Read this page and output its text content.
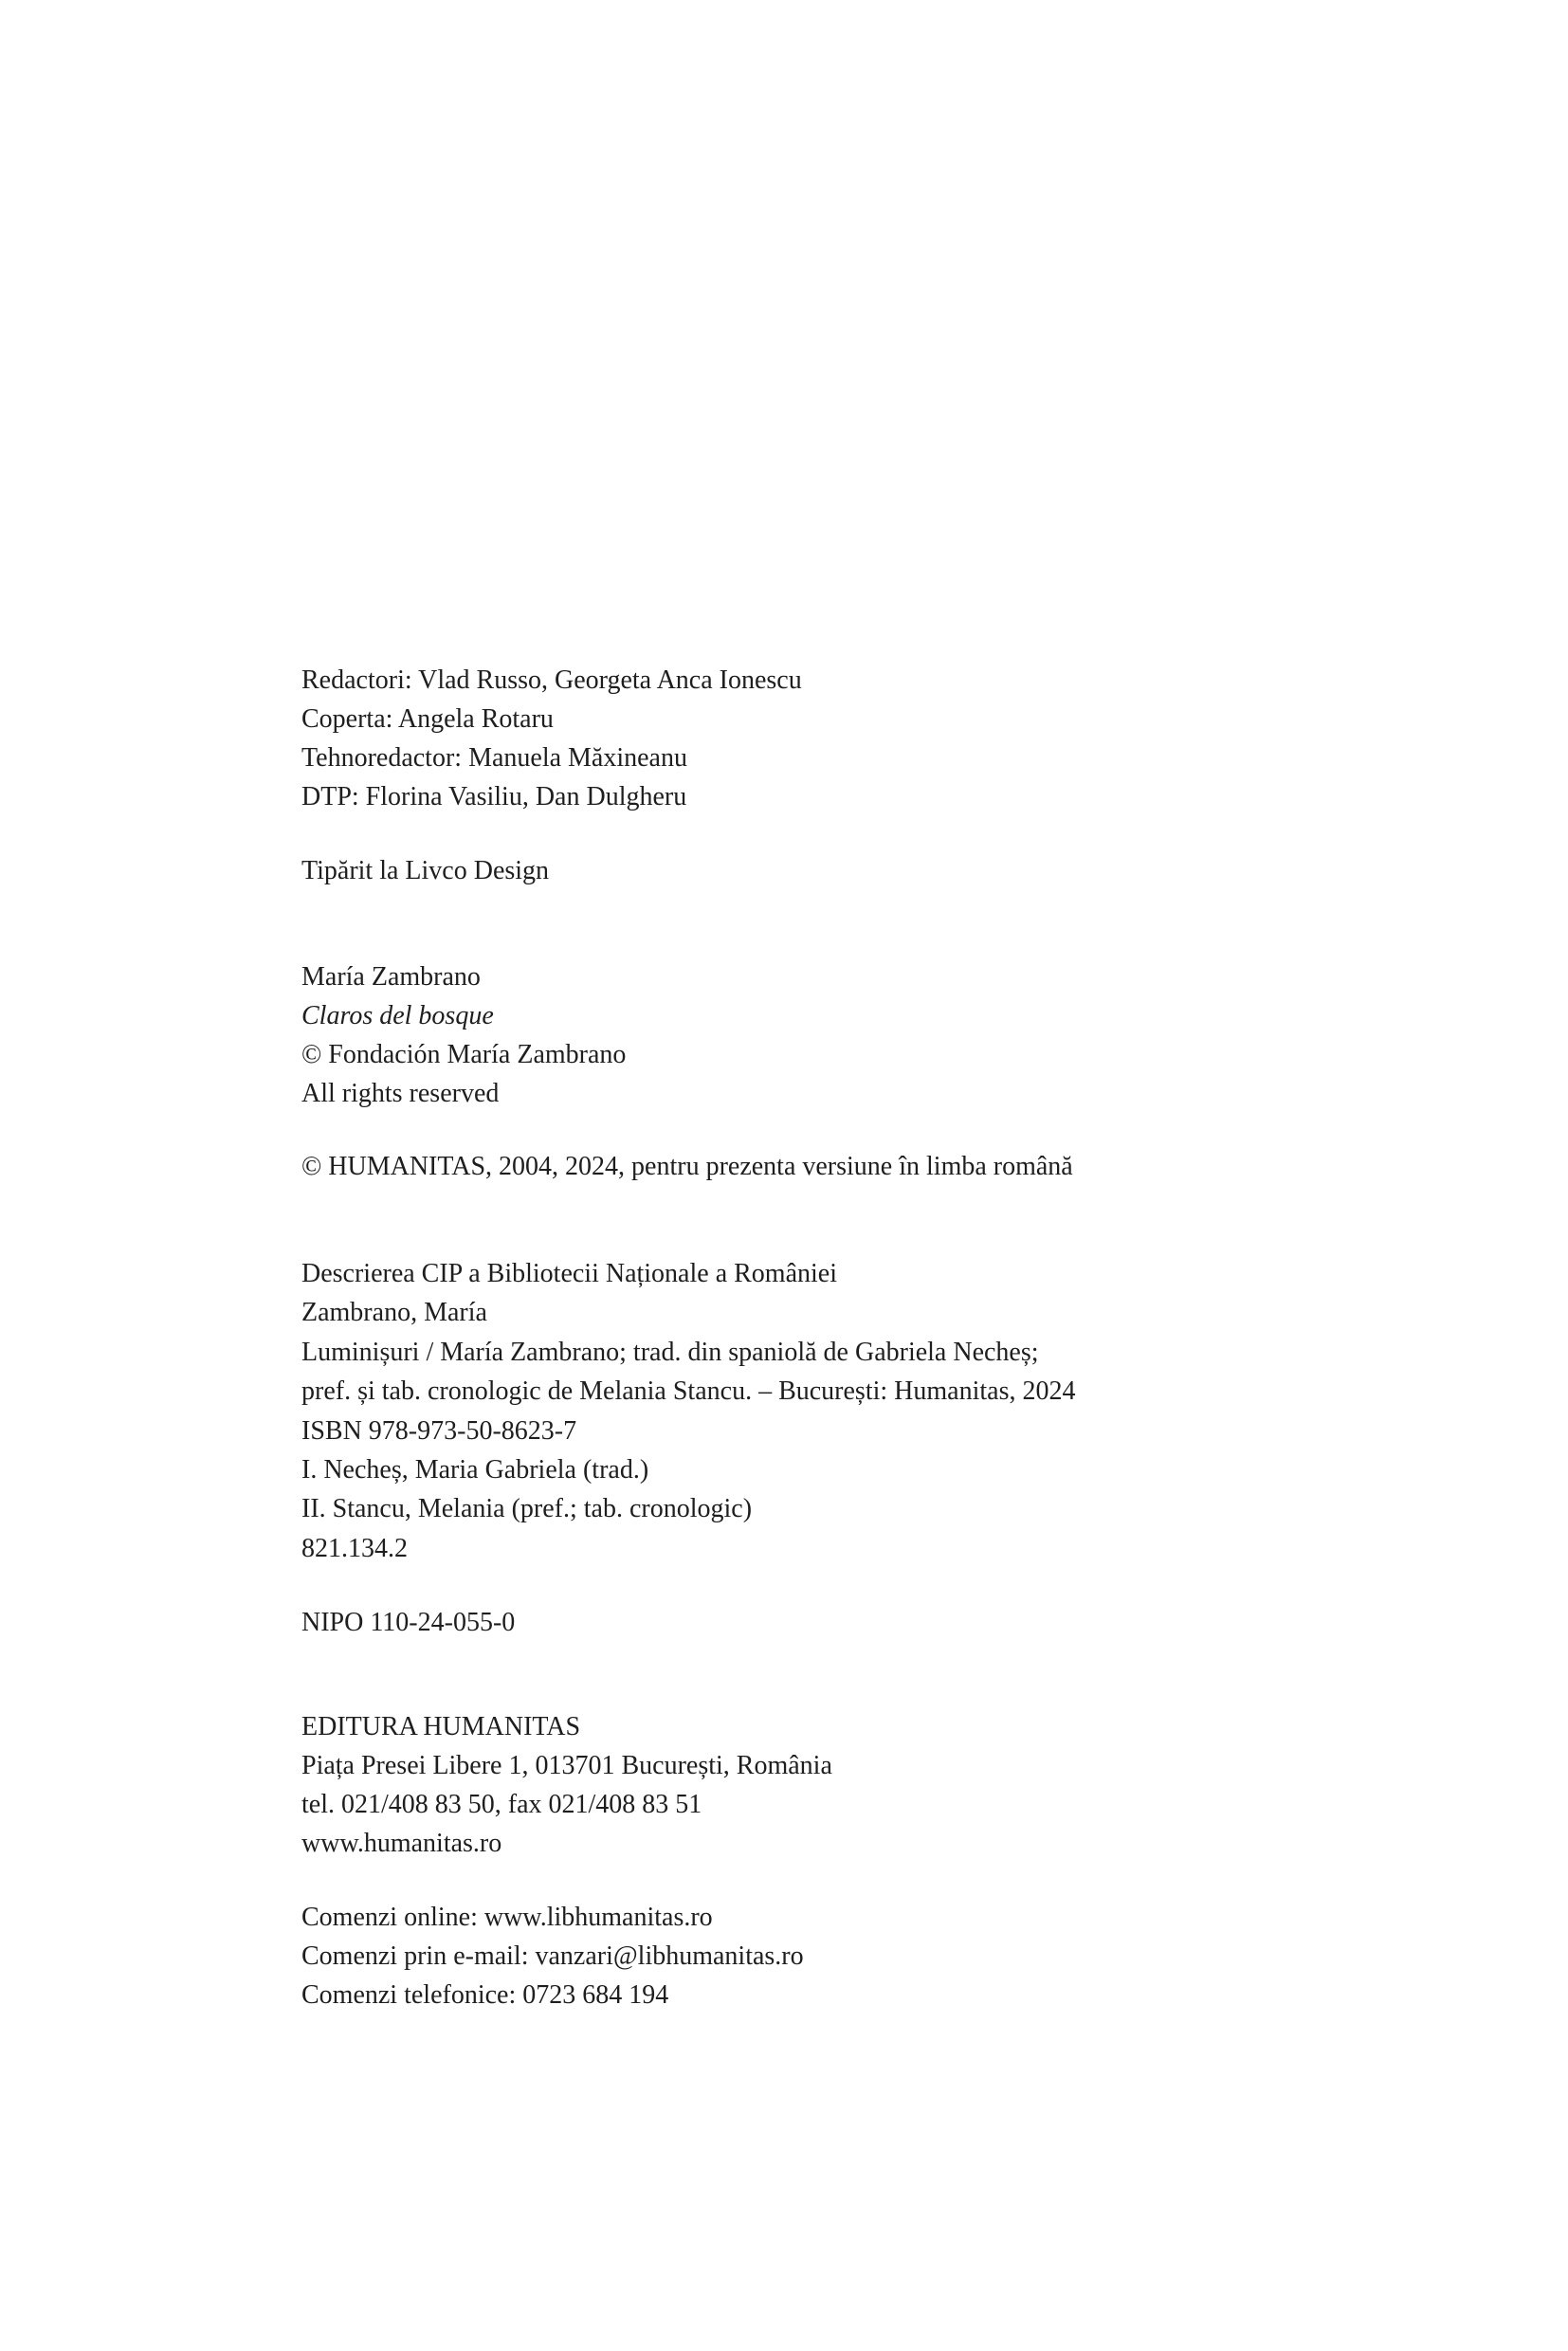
Redactori: Vlad Russo, Georgeta Anca Ionescu
Coperta: Angela Rotaru
Tehnoredactor: Manuela Măxineanu
DTP: Florina Vasiliu, Dan Dulgheru
Tipărit la Livco Design
María Zambrano
Claros del bosque
© Fondación María Zambrano
All rights reserved
© HUMANITAS, 2004, 2024, pentru prezenta versiune în limba română
Descrierea CIP a Bibliotecii Naționale a României
Zambrano, María
Luminișuri / María Zambrano; trad. din spaniolă de Gabriela Necheș;
pref. și tab. cronologic de Melania Stancu. – București: Humanitas, 2024
ISBN 978-973-50-8623-7
I. Necheș, Maria Gabriela (trad.)
II. Stancu, Melania (pref.; tab. cronologic)
821.134.2
NIPO 110-24-055-0
EDITURA HUMANITAS
Piața Presei Libere 1, 013701 București, România
tel. 021/408 83 50, fax 021/408 83 51
www.humanitas.ro
Comenzi online: www.libhumanitas.ro
Comenzi prin e-mail: vanzari@libhumanitas.ro
Comenzi telefonice: 0723 684 194
